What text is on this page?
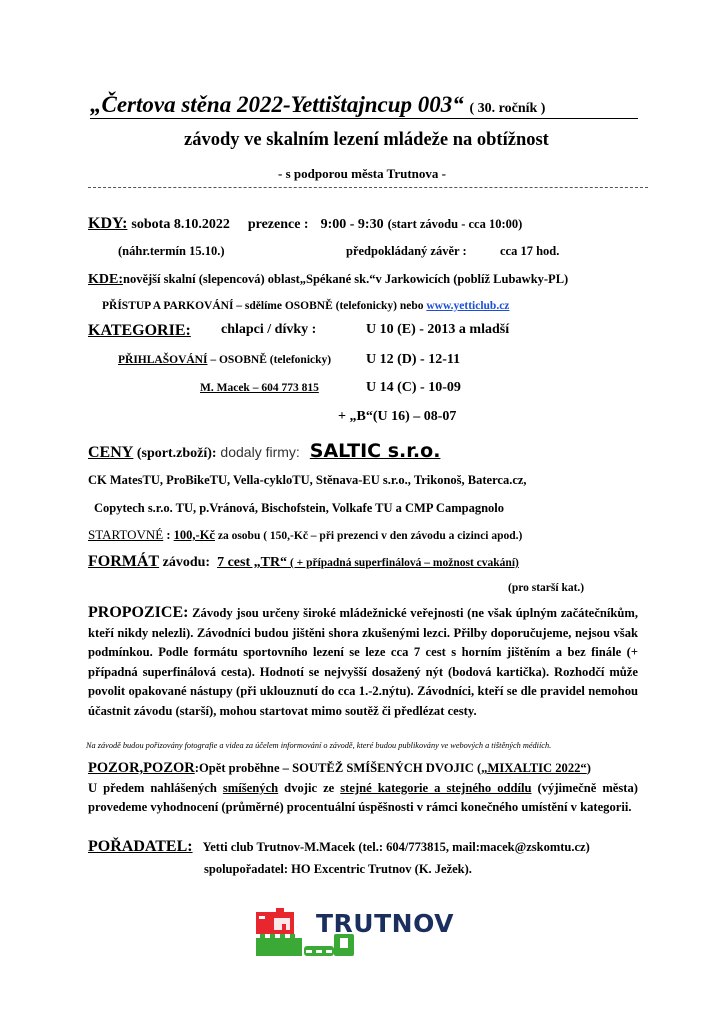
„Čertova stěna 2022-Yettištajncup 003“ ( 30. ročník )
závody ve skalním lezení mládeže na obtížnost
- s podporou města Trutnova -
KDY: sobota 8.10.2022 prezence : 9:00 - 9:30 (start závodu - cca 10:00)
(náhr.termín 15.10.)	předpokládaný závěr :	cca 17 hod.
KDE:novější skalní (slepencová) oblast„Spékané sk.“v Jarkowicích (poblíž Lubawky-PL)
PŘÍSTUP A PARKOVÁNÍ – sdělíme OSOBNĚ (telefonicky) nebo www.yetticlub.cz
KATEGORIE: chlapci / dívky :	U 10 (E) - 2013 a mladší
PŘIHLAŠOVÁNÍ – OSOBNĚ (telefonicky) U 12 (D) - 12-11
M. Macek – 604 773 815	U 14 (C) - 10-09
+ „B“(U 16) – 08-07
CENY (sport.zboží): dodaly firmy: SALTIC s.r.o.
CK MatesTU, ProBikeTU, Vella-cykloTU, Stěnava-EU s.r.o., Trikonoš, Baterca.cz,
Copytech s.r.o. TU, p.Vránová, Bischofstein, Volkafe TU a CMP Campagnolo
STARTOVNÉ : 100,-Kč za osobu ( 150,-Kč – při prezenci v den závodu a cizinci apod.)
FORMÁT závodu:  7 cest „TR“ ( + případná superfinálová – možnost cvakání)
(pro starší kat.)
PROPOZICE: Závody jsou určeny široké mládežnické veřejnosti (ne však úplným začátečníkům, kteří nikdy nelezli). Závodníci budou jištěni shora zkušenými lezci. Přilby doporučujeme, nejsou však podmínkou. Podle formátu sportovního lezení se leze cca 7 cest s horním jištěním a bez finále (+ případná superfinálová cesta). Hodnotí se nejvyšší dosažený nýt (bodová kartička). Rozhodčí může povolit opakované nástupy (při uklouznutí do cca 1.-2.nýtu). Závodníci, kteří se dle pravidel nemohou účastnit závodu (starší), mohou startovat mimo soutěž či předlézat cesty.
Na závodě budou pořizovány fotografie a videa za účelem informování o závodě, které budou publikovány ve webových a tištěných médiích.
POZOR,POZOR:Opět proběhne – SOUTĚŽ SMÍŠENÝCH DVOJIC („MIXALTIC 2022“)
U předem nahlášených smíšených dvojic ze stejné kategorie a stejného oddílu (výjimečně města) provedeme vyhodnocení (průměrné) procentuální úspěšnosti v rámci konečného umístění v kategorii.
POŘADATEL: Yetti club Trutnov-M.Macek (tel.: 604/773815, mail:macek@zskomtu.cz)
spolupořadatel: HO Excentric Trutnov (K. Ježek).
TRUTNOV
